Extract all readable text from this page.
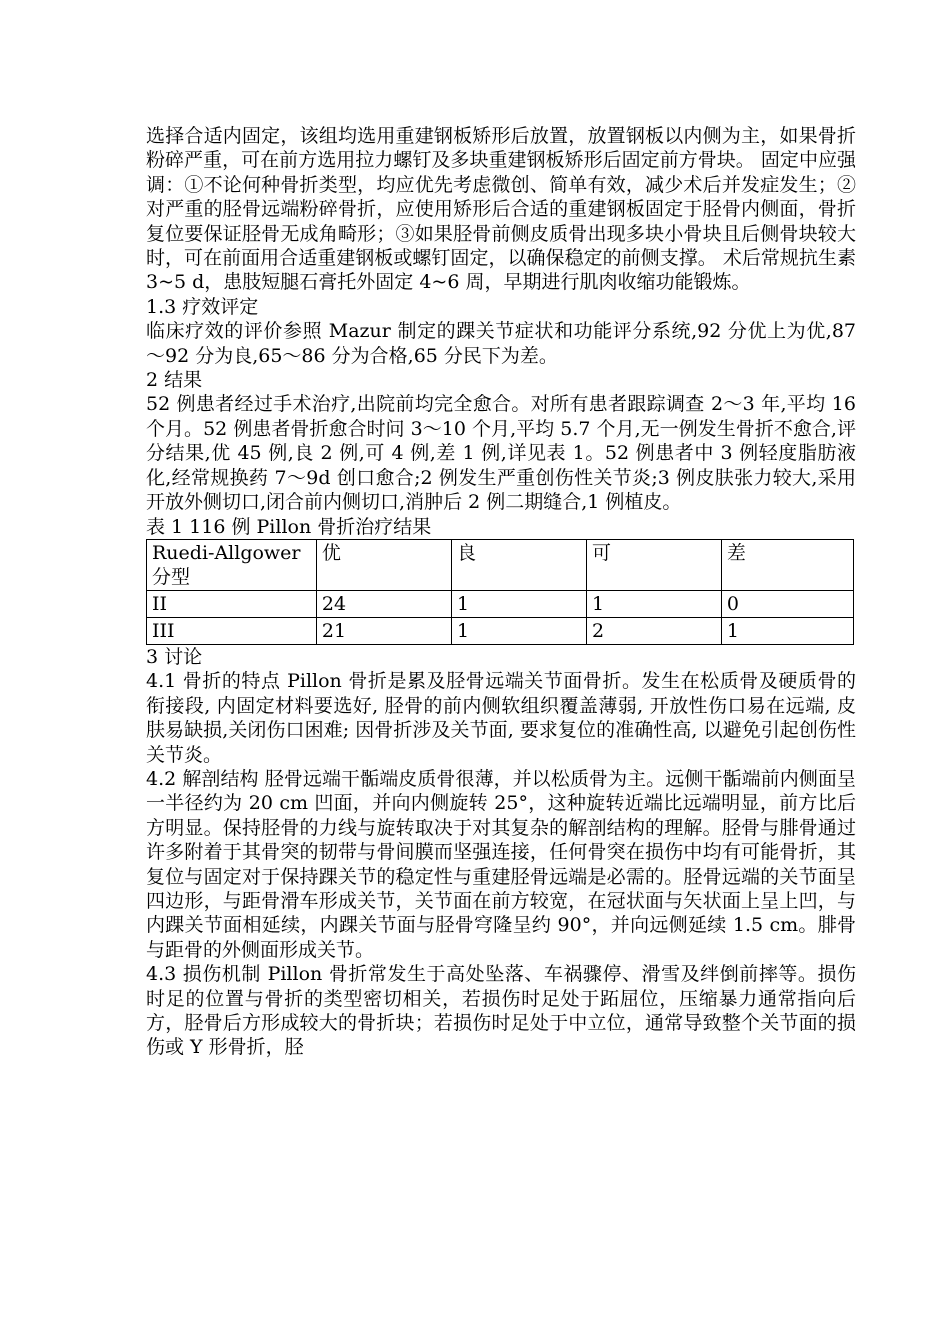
选择合适内固定，该组均选用重建钢板矫形后放置，放置钢板以内侧为主，如果骨折粉碎严重，可在前方选用拉力螺钉及多块重建钢板矫形后固定前方骨块。 固定中应强调：①不论何种骨折类型，均应优先考虑微创、简单有效，减少术后并发症发生；②对严重的胫骨远端粉碎骨折，应使用矫形后合适的重建钢板固定于胫骨内侧面，骨折复位要保证胫骨无成角畸形；③如果胫骨前侧皮质骨出现多块小骨块且后侧骨块较大时，可在前面用合适重建钢板或螺钉固定，以确保稳定的前侧支撑。 术后常规抗生素 3~5 d，患肢短腿石膏托外固定 4~6 周，早期进行肌肉收缩功能锻炼。

1.3 疗效评定

临床疗效的评价参照 Mazur 制定的踝关节症状和功能评分系统,92 分优上为优,87～92 分为良,65～86 分为合格,65 分民下为差。

2 结果

52 例患者经过手术治疗,出院前均完全愈合。对所有患者跟踪调查 2～3 年,平均 16 个月。52 例患者骨折愈合时问 3～10 个月,平均 5.7 个月,无一例发生骨折不愈合,评分结果,优 45 例,良 2 例,可 4 例,差 1 例,详见表 1。52 例患者中 3 例轻度脂肪液化,经常规换药 7～9d 创口愈合;2 例发生严重创伤性关节炎;3 例皮肤张力较大,采用开放外侧切口,闭合前内侧切口,消肿后 2 例二期缝合,1 例植皮。

表 1 116 例 Pillon 骨折治疗结果

Ruedi-Allgower 分型	优	良	可	差
II	24	1	1	0
III	21	1	2	1

3 讨论

4.1 骨折的特点 Pillon 骨折是累及胫骨远端关节面骨折。发生在松质骨及硬质骨的衔接段, 内固定材料要选好, 胫骨的前内侧软组织覆盖薄弱, 开放性伤口易在远端, 皮肤易缺损,关闭伤口困难; 因骨折涉及关节面, 要求复位的准确性高, 以避免引起创伤性关节炎。

4.2 解剖结构 胫骨远端干骺端皮质骨很薄，并以松质骨为主。远侧干骺端前内侧面呈一半径约为 20 cm 凹面，并向内侧旋转 25°，这种旋转近端比远端明显，前方比后方明显。保持胫骨的力线与旋转取决于对其复杂的解剖结构的理解。胫骨与腓骨通过许多附着于其骨突的韧带与骨间膜而坚强连接，任何骨突在损伤中均有可能骨折，其复位与固定对于保持踝关节的稳定性与重建胫骨远端是必需的。胫骨远端的关节面呈四边形，与距骨滑车形成关节，关节面在前方较宽，在冠状面与矢状面上呈上凹，与内踝关节面相延续，内踝关节面与胫骨穹隆呈约 90°，并向远侧延续 1.5 cm。腓骨与距骨的外侧面形成关节。

4.3 损伤机制 Pillon 骨折常发生于高处坠落、车祸骤停、滑雪及绊倒前摔等。损伤时足的位置与骨折的类型密切相关，若损伤时足处于跖屈位，压缩暴力通常指向后方，胫骨后方形成较大的骨折块；若损伤时足处于中立位，通常导致整个关节面的损伤或 Y 形骨折，胫
